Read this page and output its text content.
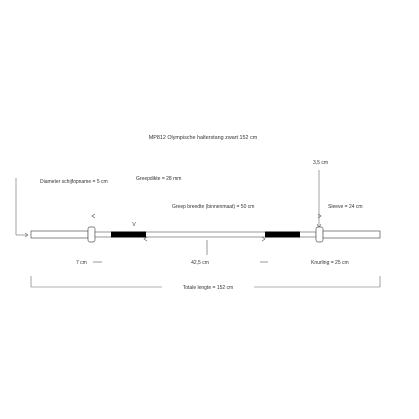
MP812 Olympische halterstang zwart 152 cm
Diameter schijfopname = 5 cm	Greepdikte = 28 mm
Greep breedte (binnenmaat) = 50 cm
3,5 cm
Sleeve = 24 cm
V
7 cm	42,5 cm	Knurling = 25 cm
Totale lengte = 152 cm
